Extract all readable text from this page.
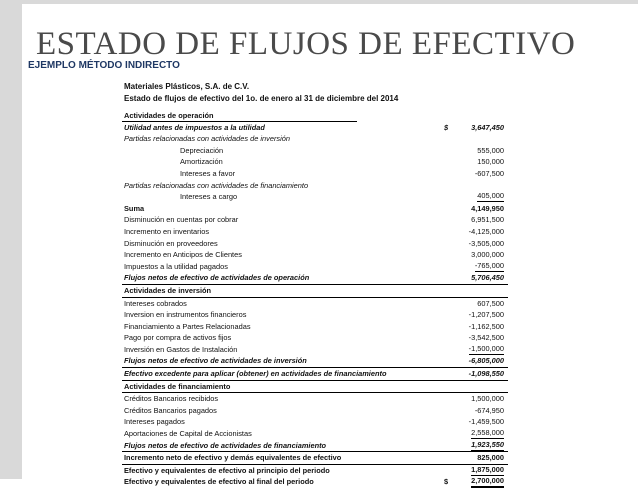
ESTADO DE FLUJOS DE EFECTIVO
EJEMPLO MÉTODO INDIRECTO
Materiales Plásticos, S.A. de C.V.
Estado de flujos de efectivo del 1o. de enero al 31 de diciembre del 2014
Actividades de operación
Utilidad antes de impuestos a la utilidad	$	3,647,450
Partidas relacionadas con actividades de inversión
Depreciación	555,000
Amortización	150,000
Intereses a favor	-607,500
Partidas relacionadas con actividades de financiamiento
Intereses a cargo	405,000
Suma	4,149,950
Disminución en cuentas por cobrar	6,951,500
Incremento en inventarios	-4,125,000
Disminución en proveedores	-3,505,000
Incremento en Anticipos de Clientes	3,000,000
Impuestos a la utilidad pagados	-765,000
Flujos netos de efectivo de actividades de operación	5,706,450
Actividades de inversión
Intereses cobrados	607,500
Inversion en instrumentos financieros	-1,207,500
Financiamiento a Partes Relacionadas	-1,162,500
Pago por compra de activos fijos	-3,542,500
Inversión en Gastos de Instalación	-1,500,000
Flujos netos de efectivo de actividades de inversión	-6,805,000
Efectivo excedente para aplicar (obtener) en actividades de financiamiento	-1,098,550
Actividades de financiamiento
Créditos Bancarios recibidos	1,500,000
Créditos Bancarios pagados	-674,950
Intereses pagados	-1,459,500
Aportaciones de Capital de Accionistas	2,558,000
Flujos netos de efectivo de actividades de financiamiento	1,923,550
Incremento neto de efectivo y demás equivalentes de efectivo	825,000
Efectivo y equivalentes de efectivo al principio del periodo	1,875,000
Efectivo y equivalentes de efectivo al final del periodo	$	2,700,000
